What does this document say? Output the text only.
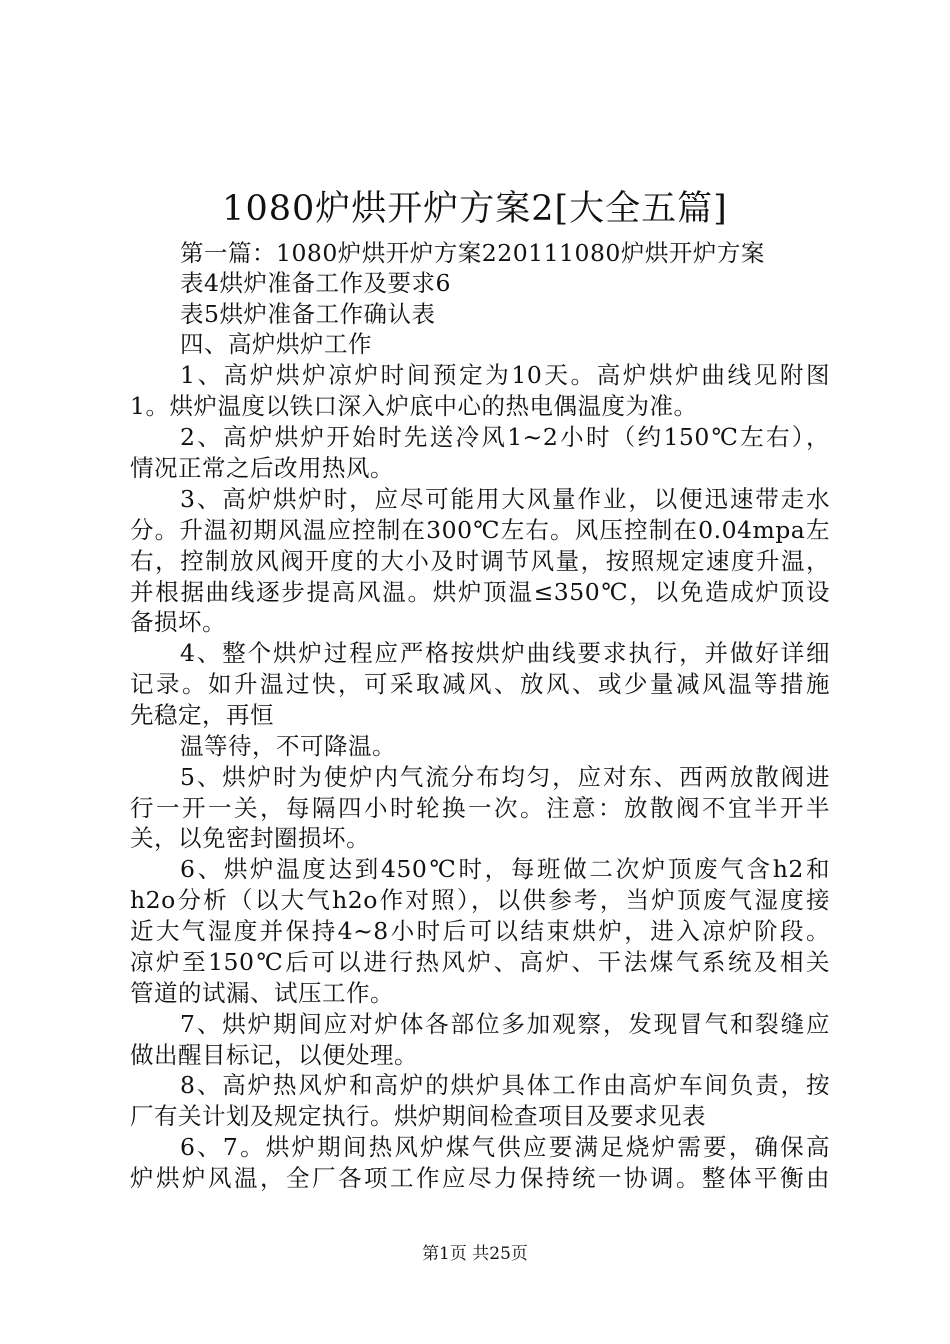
1080炉烘开炉方案2[大全五篇]
第一篇：1080炉烘开炉方案220111080炉烘开炉方案
表4烘炉准备工作及要求6
表5烘炉准备工作确认表
四、高炉烘炉工作
1、高炉烘炉凉炉时间预定为10天。高炉烘炉曲线见附图
1。烘炉温度以铁口深入炉底中心的热电偶温度为准。
2、高炉烘炉开始时先送冷风1~2小时（约150℃左右），
情况正常之后改用热风。
3、高炉烘炉时，应尽可能用大风量作业，以便迅速带走水
分。升温初期风温应控制在300℃左右。风压控制在0.04mpa左
右，控制放风阀开度的大小及时调节风量，按照规定速度升温，
并根据曲线逐步提高风温。烘炉顶温≤350℃，以免造成炉顶设
备损坏。
4、整个烘炉过程应严格按烘炉曲线要求执行，并做好详细
记录。如升温过快，可采取减风、放风、或少量减风温等措施
先稳定，再恒
温等待，不可降温。
5、烘炉时为使炉内气流分布均匀，应对东、西两放散阀进
行一开一关，每隔四小时轮换一次。注意：放散阀不宜半开半
关，以免密封圈损坏。
6、烘炉温度达到450℃时，每班做二次炉顶废气含h2和
h2o分析（以大气h2o作对照），以供参考，当炉顶废气湿度接
近大气湿度并保持4~8小时后可以结束烘炉，进入凉炉阶段。
凉炉至150℃后可以进行热风炉、高炉、干法煤气系统及相关
管道的试漏、试压工作。
7、烘炉期间应对炉体各部位多加观察，发现冒气和裂缝应
做出醒目标记，以便处理。
8、高炉热风炉和高炉的烘炉具体工作由高炉车间负责，按
厂有关计划及规定执行。烘炉期间检查项目及要求见表
6、7。烘炉期间热风炉煤气供应要满足烧炉需要，确保高
炉烘炉风温，全厂各项工作应尽力保持统一协调。整体平衡由
第1页 共25页
